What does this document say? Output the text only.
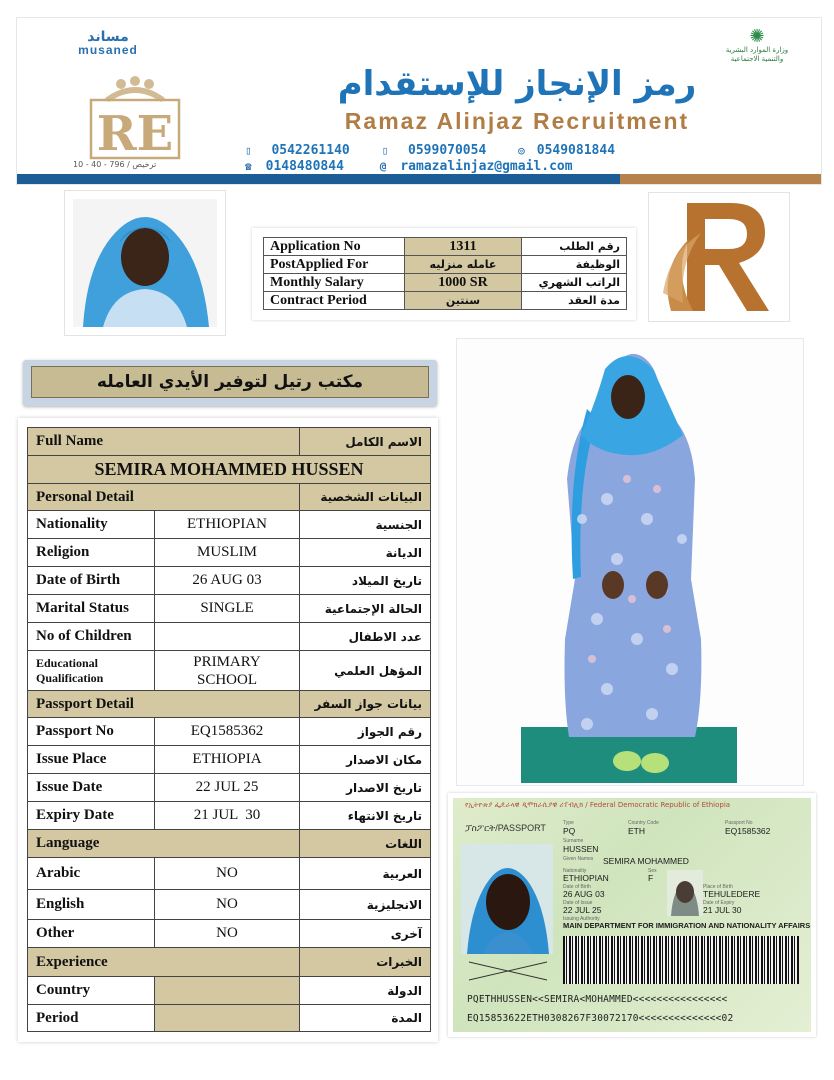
مساند
musaned
✺
وزارة الموارد البشرية والتنمية الاجتماعية
RE
ترخيص / 796 - 40 - 10
رمز الإنجاز للإستقدام
Ramaz Alinjaz Recruitment
▯ 0542261140	▯ 0599070054	◎ 0549081844
☎ 0148480844	@ ramazalinjaz@gmail.com
Application No	1311	رقم الطلب
PostApplied For	عامله منزليه	الوظيفة
Monthly Salary	1000 SR	الراتب الشهري
Contract Period	سنتين	مدة العقد
مكتب رتيل لتوفير الأيدي العامله
Full Name		الاسم الكامل
SEMIRA MOHAMMED HUSSEN		
Personal Detail		البيانات الشخصية
Nationality	ETHIOPIAN	الجنسية
Religion	MUSLIM	الديانة
Date of Birth	26 AUG 03	تاريخ الميلاد
Marital Status	SINGLE	الحالة الإجتماعية
No of Children		عدد الاطفال
Educational Qualification	PRIMARY SCHOOL	المؤهل العلمي
Passport Detail		بيانات جواز السفر
Passport No	EQ1585362	رقم الجواز
Issue Place	ETHIOPIA	مكان الاصدار
Issue Date	22 JUL 25	تاريخ الاصدار
Expiry Date	21 JUL  30	تاريخ الانتهاء
Language		اللغات
Arabic	NO	العربية
English	NO	الانجليزية
Other	NO	آخرى
Experience		الخبرات
Country		الدولة
Period		المدة
የኢትዮጵያ ፌዴራላዊ ዲሞክራሲያዊ ሪፐብሊክ / Federal Democratic Republic of Ethiopia
ፓስፖርት/PASSPORT	Type
PQ
Country Code
ETH
Passport No
EQ1585362
Surname
HUSSEN
Given Names SEMIRA MOHAMMED
Nationality
ETHIOPIAN
Sex
F
Date of Birth
26 AUG 03
Place of Birth
TEHULEDERE
Date of Issue
22 JUL 25
Date of Expiry
21 JUL 30
Issuing Authority
MAIN DEPARTMENT FOR IMMIGRATION AND NATIONALITY AFFAIRS
PQETHHUSSEN<<SEMIRA<MOHAMMED<<<<<<<<<<<<<<<<
EQ15853622ETH0308267F30072170<<<<<<<<<<<<<<02
